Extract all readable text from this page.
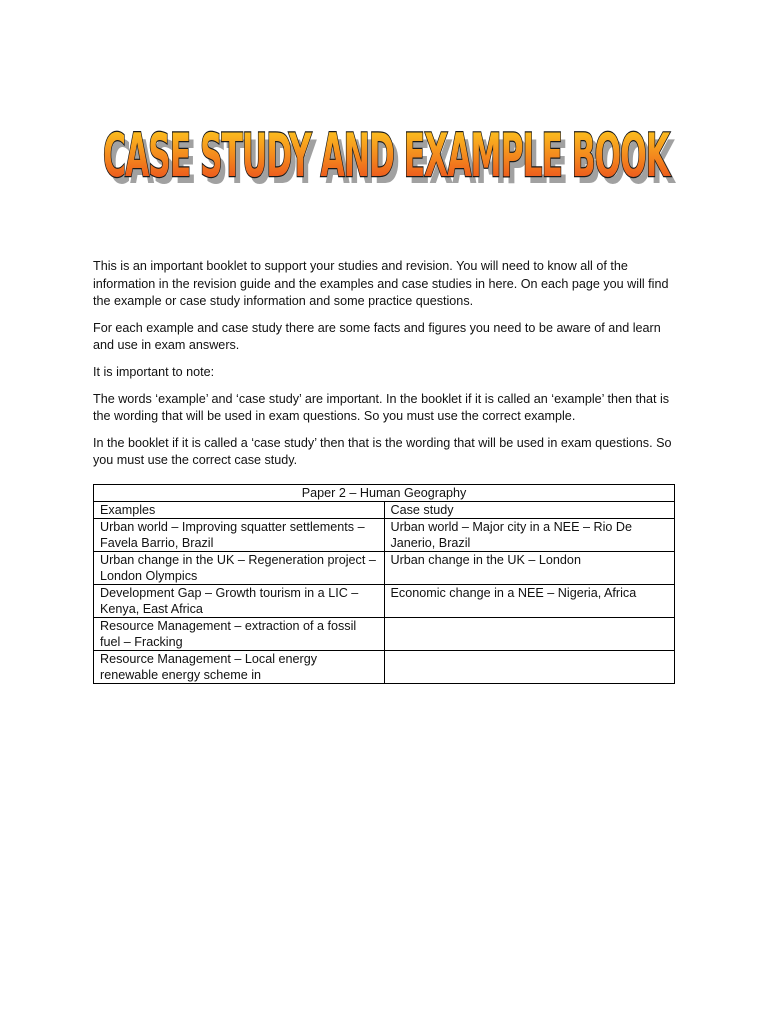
CASE STUDY AND EXAMPLE BOOK
CASE STUDY AND EXAMPLE BOOK

This is an important booklet to support your studies and revision. You will need to know all of the information in the revision guide and the examples and case studies in here. On each page you will find the example or case study information and some practice questions.

For each example and case study there are some facts and figures you need to be aware of and learn and use in exam answers.

It is important to note:

The words ‘example’ and ‘case study’ are important. In the booklet if it is called an ‘example’ then that is the wording that will be used in exam questions. So you must use the correct example.

In the booklet if it is called a ‘case study’ then that is the wording that will be used in exam questions. So you must use the correct case study.

Paper 2 – Human Geography	
Examples	Case study
Urban world – Improving squatter settlements – Favela Barrio, Brazil	Urban world – Major city in a NEE – Rio De Janerio, Brazil
Urban change in the UK – Regeneration project – London Olympics	Urban change in the UK – London
Development Gap – Growth tourism in a LIC – Kenya, East Africa	Economic change in a NEE – Nigeria, Africa
Resource Management – extraction of a fossil fuel – Fracking	
Resource Management – Local energy renewable energy scheme in	
